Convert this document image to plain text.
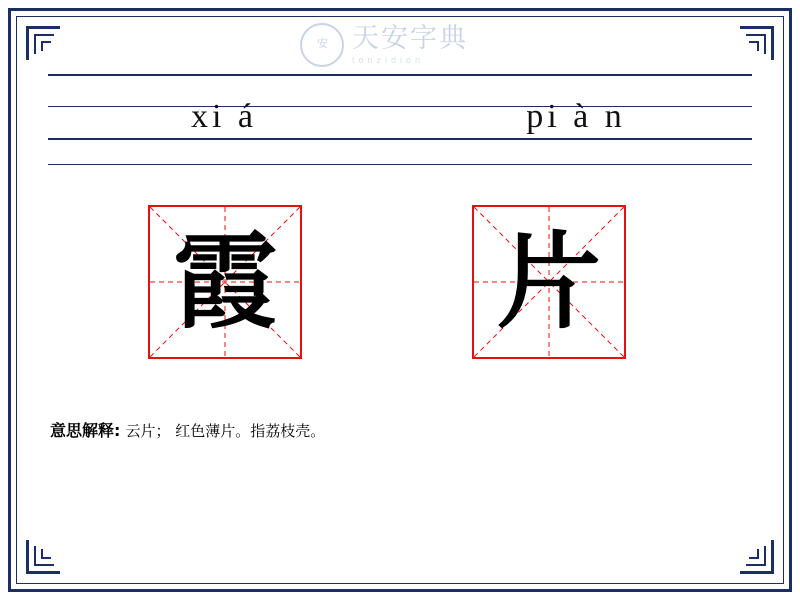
安 天安字典
tonzidion
xi á	pi à n
霞 片
意思解释: 云片； 红色薄片。指荔枝壳。
